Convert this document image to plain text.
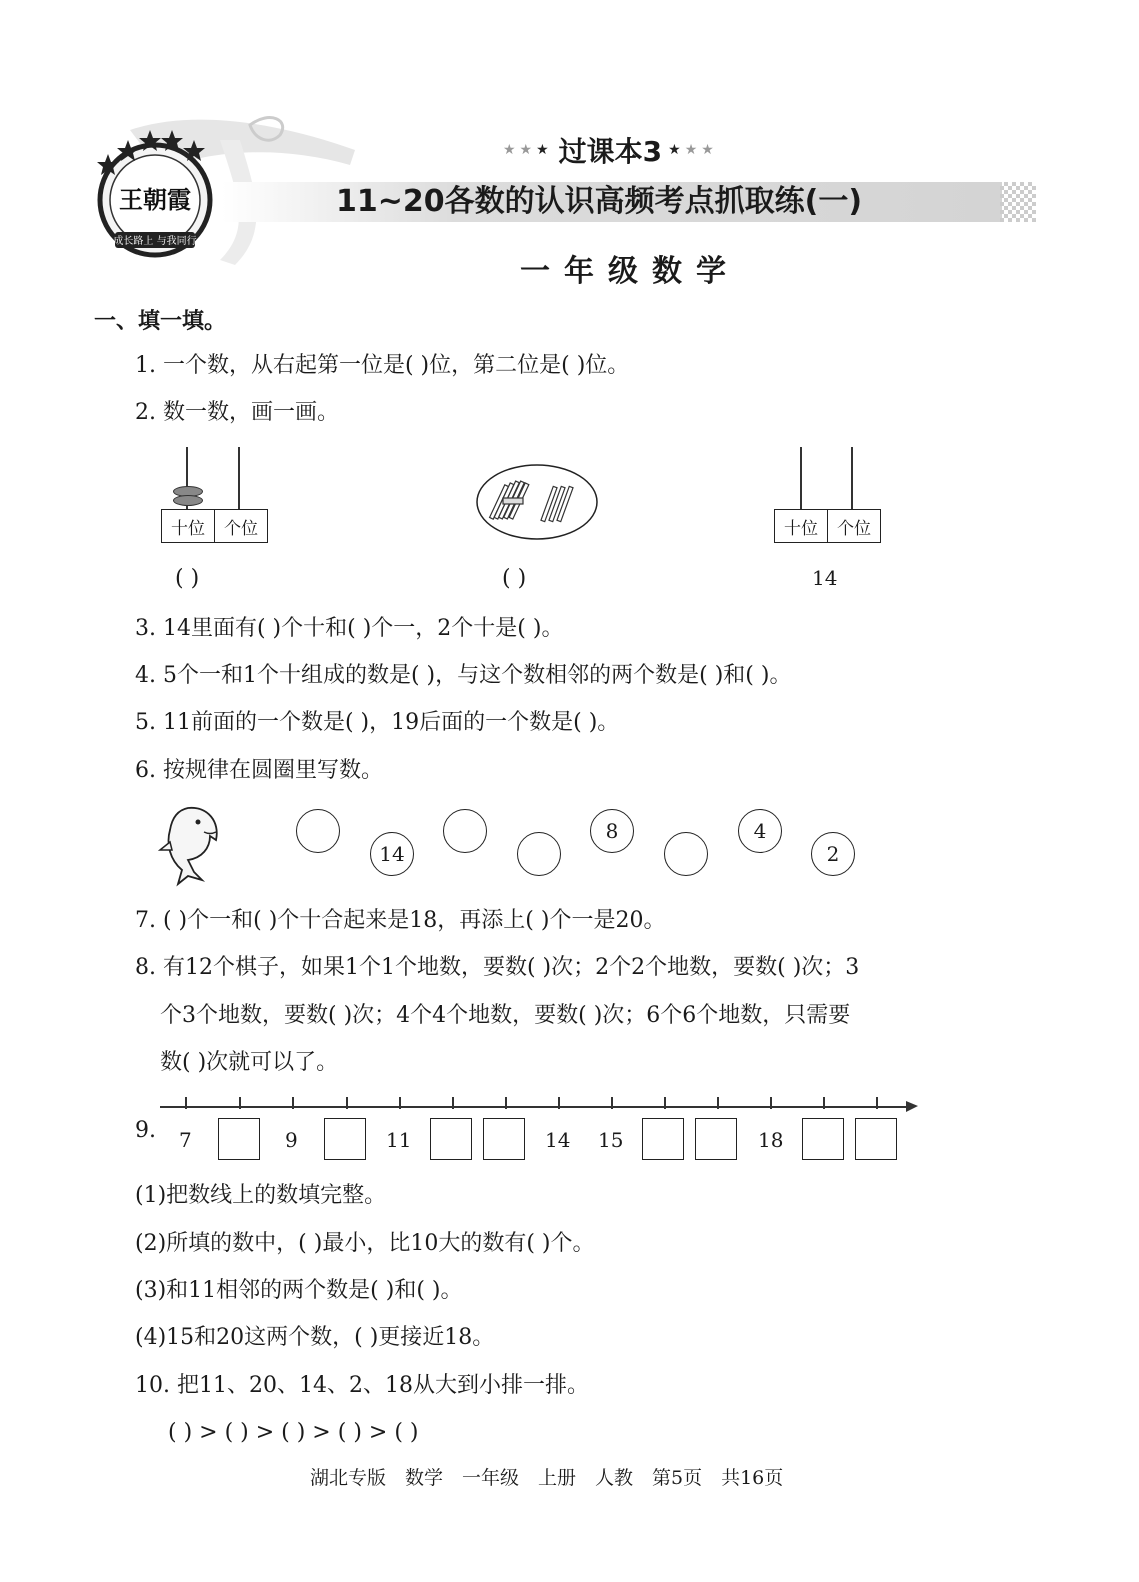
成长路上 与我同行
王朝霞
★★★ 过课本3 ★★★
11~20各数的认识高频考点抓取练(一)
一年级数学
一、填一填。
1. 一个数，从右起第一位是( )位，第二位是( )位。
2. 数一数，画一画。
十位	个位
( )	( )
十位	个位
14
3. 14里面有( )个十和( )个一，2个十是( )。
4. 5个一和1个十组成的数是( )，与这个数相邻的两个数是( )和( )。
5. 11前面的一个数是( )，19后面的一个数是( )。
6. 按规律在圆圈里写数。
14
8	4
2
7. ( )个一和( )个十合起来是18，再添上( )个一是20。
8. 有12个棋子，如果1个1个地数，要数( )次；2个2个地数，要数( )次；3
个3个地数，要数( )次；4个4个地数，要数( )次；6个6个地数，只需要
数( )次就可以了。
9. 7	9	11	14 15	18
(1)把数线上的数填完整。
(2)所填的数中，( )最小，比10大的数有( )个。
(3)和11相邻的两个数是( )和( )。
(4)15和20这两个数，( )更接近18。
10. 把11、20、14、2、18从大到小排一排。
( ) > ( ) > ( ) > ( ) > ( )
湖北专版　数学　一年级　上册　人教　第5页　共16页
